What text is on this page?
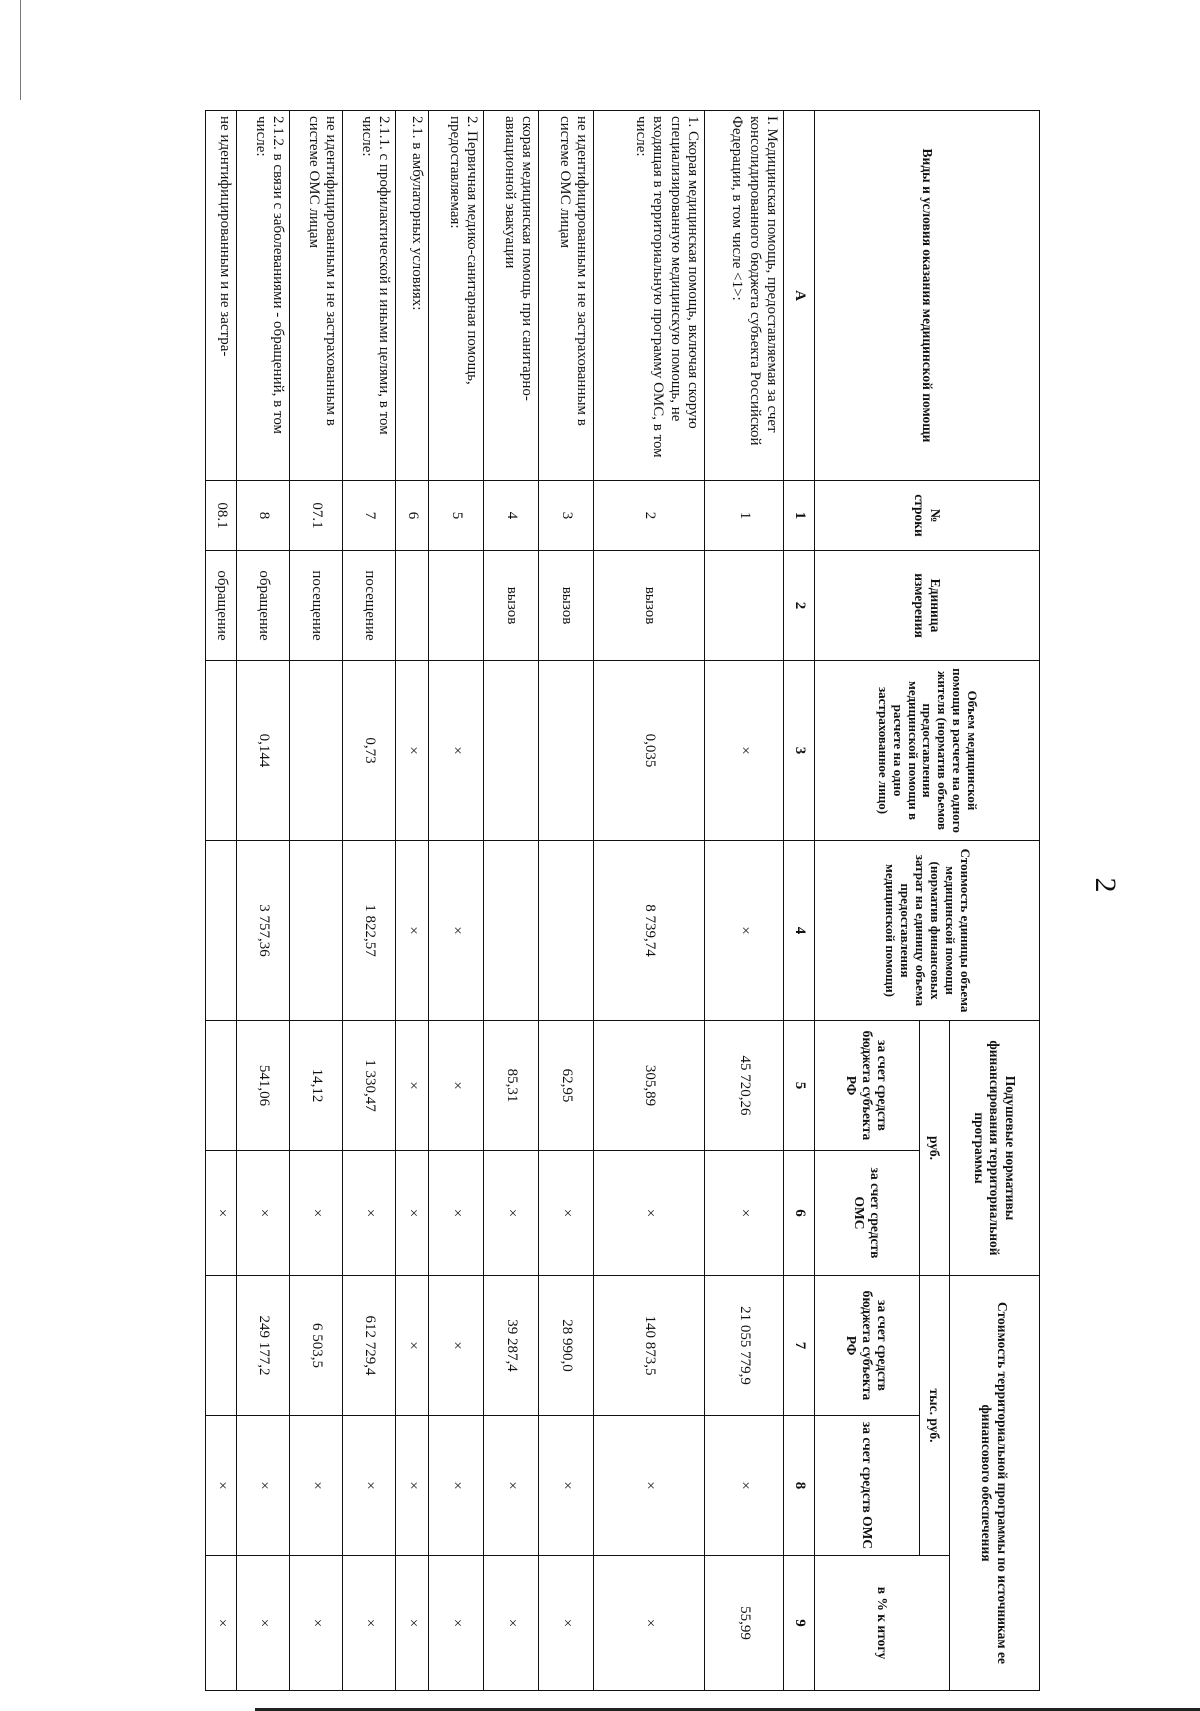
2
Виды и условия оказания медицинской помощи	№ строки	Единица измерения	Объем медицинской помощи в расчете на одного жителя (норматив объемов предоставления медицинской помощи в расчете на одно застрахованное лицо)	Стоимость единицы объема медицинской помощи (норматив финансовых затрат на единицу объема предоставления медицинской помощи)	Подушевые нормативы финансирования территориальной программы		Стоимость территориальной программы по источникам ее финансового обеспечения		
					руб.		тыс. руб.		в % к итогу
					за счет средств бюджета субъекта РФ	за счет средств ОМС	за счет средств бюджета субъекта РФ	за счет средств ОМС	
А	1	2	3	4	5	6	7	8	9
I. Медицинская помощь, предоставляемая за счет консолидированного бюджета субъекта Российской Федерации, в том числе <1>:	1		×	×	45 720,26	×	21 055 779,9	×	55,99
1. Скорая медицинская помощь, включая скорую специализированную медицинскую помощь, не входящая в территориальную программу ОМС, в том числе:	2	вызов	0,035	8 739,74	305,89	×	140 873,5	×	×
не идентифицированным и не застрахованным в системе ОМС лицам	3	вызов			62,95	×	28 990,0	×	×
скорая медицинская помощь при санитарно-авиационной эвакуации	4	вызов			85,31	×	39 287,4	×	×
2. Первичная медико-санитарная помощь, предоставляемая:	5		×	×	×	×	×	×	×
2.1. в амбулаторных условиях:	6		×	×	×	×	×	×	×
2.1.1. с профилактической и иными целями, в том числе:	7	посещение	0,73	1 822,57	1 330,47	×	612 729,4	×	×
не идентифицированным и не застрахованным в системе ОМС лицам	07.1	посещение			14,12	×	6 503,5	×	×
2.1.2. в связи с заболеваниями - обращений, в том числе:	8	обращение	0,144	3 757,36	541,06	×	249 177,2	×	×
не идентифицированным и не застра-	08.1	обращение				×		×	×
